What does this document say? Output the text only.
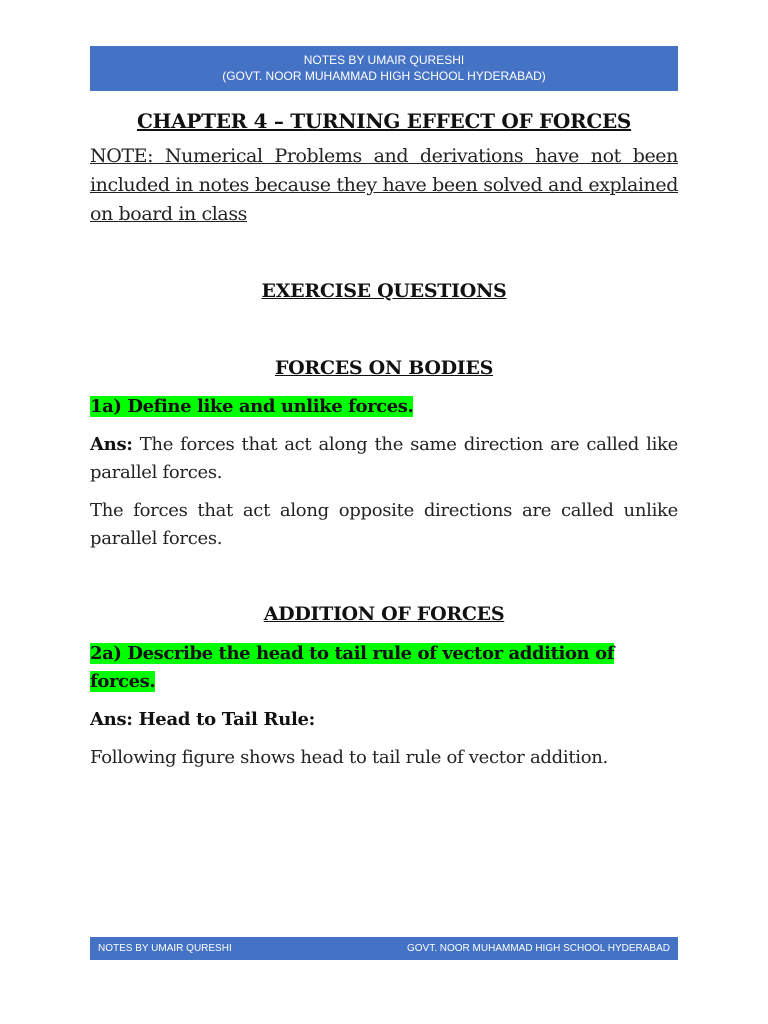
NOTES BY UMAIR QURESHI
(GOVT. NOOR MUHAMMAD HIGH SCHOOL HYDERABAD)
CHAPTER 4 – TURNING EFFECT OF FORCES

NOTE: Numerical Problems and derivations have not been included in notes because they have been solved and explained on board in class

EXERCISE QUESTIONS
FORCES ON BODIES

1a) Define like and unlike forces.

Ans: The forces that act along the same direction are called like parallel forces.

The forces that act along opposite directions are called unlike parallel forces.

ADDITION OF FORCES

2a) Describe the head to tail rule of vector addition of forces.

Ans: Head to Tail Rule:

Following figure shows head to tail rule of vector addition.

NOTES BY UMAIR QURESHI	GOVT. NOOR MUHAMMAD HIGH SCHOOL HYDERABAD
